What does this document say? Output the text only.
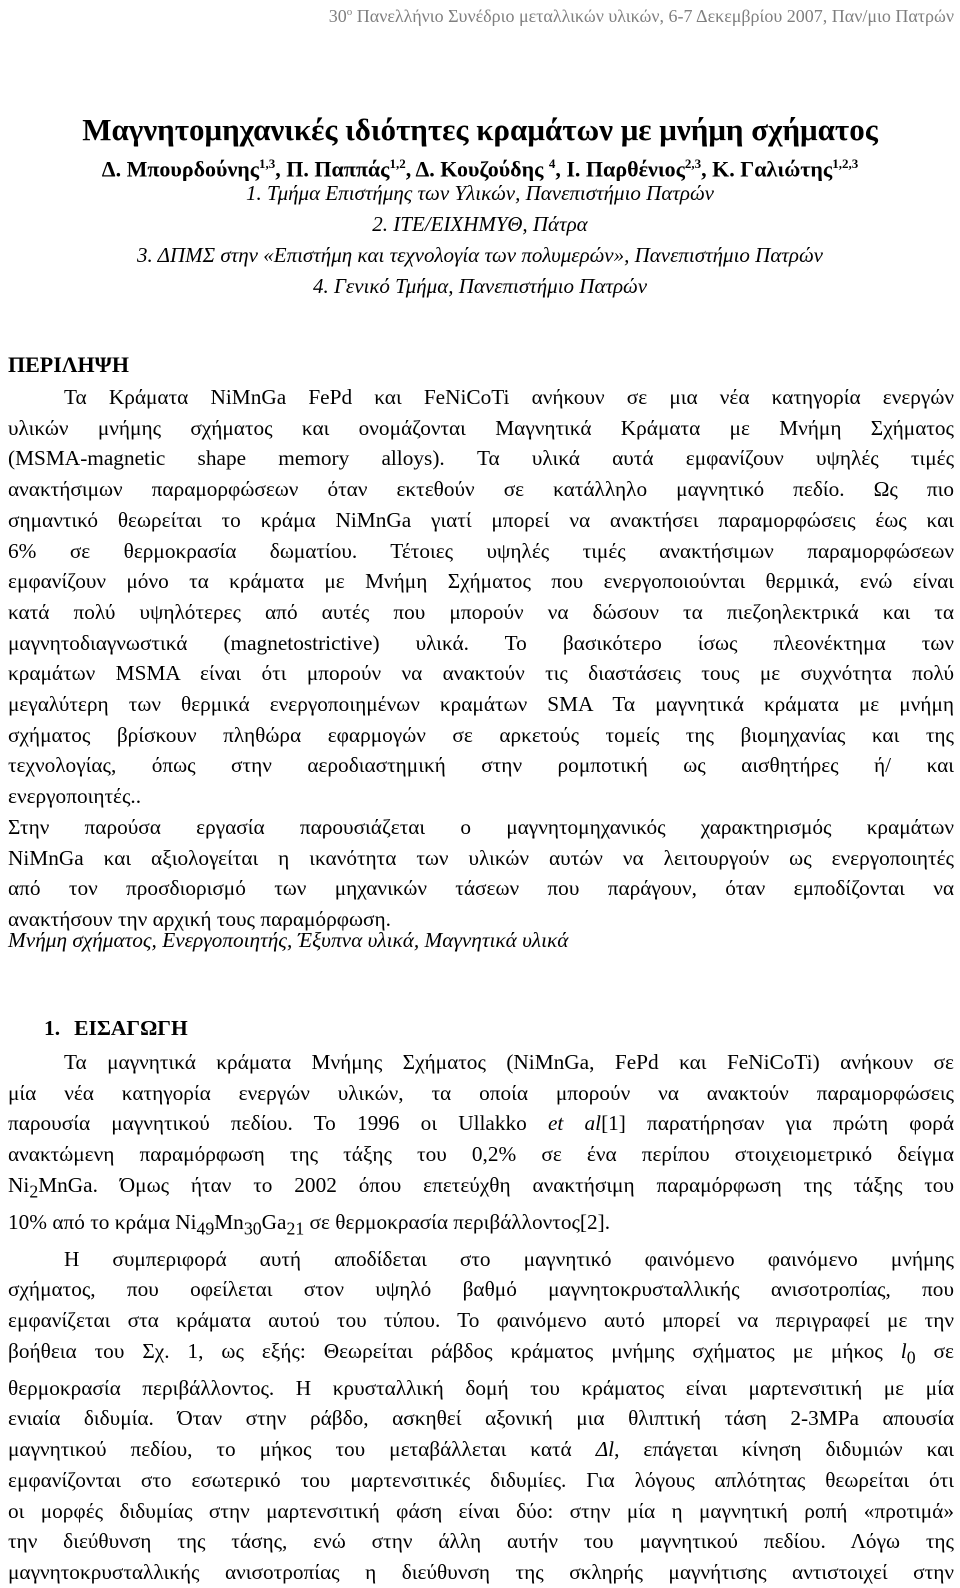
$30^o$ Πανελλήνιο Συνέδριο μεταλλικών υλικών, 6-7 Δεκεμβρίου 2007, Παν/μιο Πατρών
Μαγνητομηχανικές ιδιότητες κραμάτων με μνήμη σχήματος
Δ. Μπουρδούνης$^{1,3}$, Π. Παππάς$^{1,2}$, Δ. Κουζούδης $^4$, Ι. Παρθένιος$^{2,3}$, Κ. Γαλιώτης$^{1,2,3}$
1. Τμήμα Επιστήμης των Υλικών, Πανεπιστήμιο Πατρών
2. ΙΤΕ/ΕΙΧΗΜΥΘ, Πάτρα
3. ΔΠΜΣ στην «Επιστήμη και τεχνολογία των πολυμερών», Πανεπιστήμιο Πατρών
4. Γενικό Τμήμα, Πανεπιστήμιο Πατρών
ΠΕΡΙΛΗΨΗ
Τα Κράματα NiMnGa FePd και FeNiCoTi ανήκουν σε μια νέα κατηγορία ενεργών
υλικών μνήμης σχήματος και ονομάζονται Μαγνητικά Κράματα με Μνήμη Σχήματος
(MSMA-magnetic shape memory alloys). Τα υλικά αυτά εμφανίζουν υψηλές τιμές
ανακτήσιμων παραμορφώσεων όταν εκτεθούν σε κατάλληλο μαγνητικό πεδίο. Ως πιο
σημαντικό θεωρείται το κράμα NiMnGa γιατί μπορεί να ανακτήσει παραμορφώσεις έως και
6% σε θερμοκρασία δωματίου. Τέτοιες υψηλές τιμές ανακτήσιμων παραμορφώσεων
εμφανίζουν μόνο τα κράματα με Μνήμη Σχήματος που ενεργοποιούνται θερμικά, ενώ είναι
κατά πολύ υψηλότερες από αυτές που μπορούν να δώσουν τα πιεζοηλεκτρικά και τα
μαγνητοδιαγνωστικά (magnetostrictive) υλικά. Το βασικότερο ίσως πλεονέκτημα των
κραμάτων MSMA είναι ότι μπορούν να ανακτούν τις διαστάσεις τους με συχνότητα πολύ
μεγαλύτερη των θερμικά ενεργοποιημένων κραμάτων SMA Τα μαγνητικά κράματα με μνήμη
σχήματος βρίσκουν πληθώρα εφαρμογών σε αρκετούς τομείς της βιομηχανίας και της
τεχνολογίας, όπως στην αεροδιαστημική στην ρομποτική ως αισθητήρες ή/ και
ενεργοποιητές..
Στην παρούσα εργασία παρουσιάζεται ο μαγνητομηχανικός χαρακτηρισμός κραμάτων
NiMnGa και αξιολογείται η ικανότητα των υλικών αυτών να λειτουργούν ως ενεργοποιητές
από τον προσδιορισμό των μηχανικών τάσεων που παράγουν, όταν εμποδίζονται να
ανακτήσουν την αρχική τους παραμόρφωση.
Μνήμη σχήματος, Ενεργοποιητής, Έξυπνα υλικά, Μαγνητικά υλικά
1. ΕΙΣΑΓΩΓΗ
Τα μαγνητικά κράματα Μνήμης Σχήματος (NiMnGa, FePd και FeNiCoTi) ανήκουν σε
μία νέα κατηγορία ενεργών υλικών, τα οποία μπορούν να ανακτούν παραμορφώσεις
παρουσία μαγνητικού πεδίου. Το 1996 οι Ullakko et al[1] παρατήρησαν για πρώτη φορά
ανακτώμενη παραμόρφωση της τάξης του 0,2% σε ένα περίπου στοιχειομετρικό δείγμα
$Ni_2MnGa$. Όμως ήταν το 2002 όπου επετεύχθη ανακτήσιμη παραμόρφωση της τάξης του
10% από το κράμα $Ni_{49}Mn_{30}Ga_{21}$ σε θερμοκρασία περιβάλλοντος[2].
Η συμπεριφορά αυτή αποδίδεται στο μαγνητικό φαινόμενο φαινόμενο μνήμης
σχήματος, που οφείλεται στον υψηλό βαθμό μαγνητοκρυσταλλικής ανισοτροπίας, που
εμφανίζεται στα κράματα αυτού του τύπου. Το φαινόμενο αυτό μπορεί να περιγραφεί με την
βοήθεια του Σχ. 1, ως εξής: Θεωρείται ράβδος κράματος μνήμης σχήματος με μήκος $l_0$ σε
θερμοκρασία περιβάλλοντος. Η κρυσταλλική δομή του κράματος είναι μαρτενσιτική με μία
ενιαία διδυμία. Όταν στην ράβδο, ασκηθεί αξονική μια θλιπτική τάση 2-3MPa απουσία
μαγνητικού πεδίου, το μήκος του μεταβάλλεται κατά Δl, επάγεται κίνηση διδυμιών και
εμφανίζονται στο εσωτερικό του μαρτενσιτικές διδυμίες. Για λόγους απλότητας θεωρείται ότι
οι μορφές διδυμίας στην μαρτενσιτική φάση είναι δύο: στην μία η μαγνητική ροπή «προτιμά»
την διεύθυνση της τάσης, ενώ στην άλλη αυτήν του μαγνητικού πεδίου. Λόγω της
μαγνητοκρυσταλλικής ανισοτροπίας η διεύθυνση της σκληρής μαγνήτισης αντιστοιχεί στην
